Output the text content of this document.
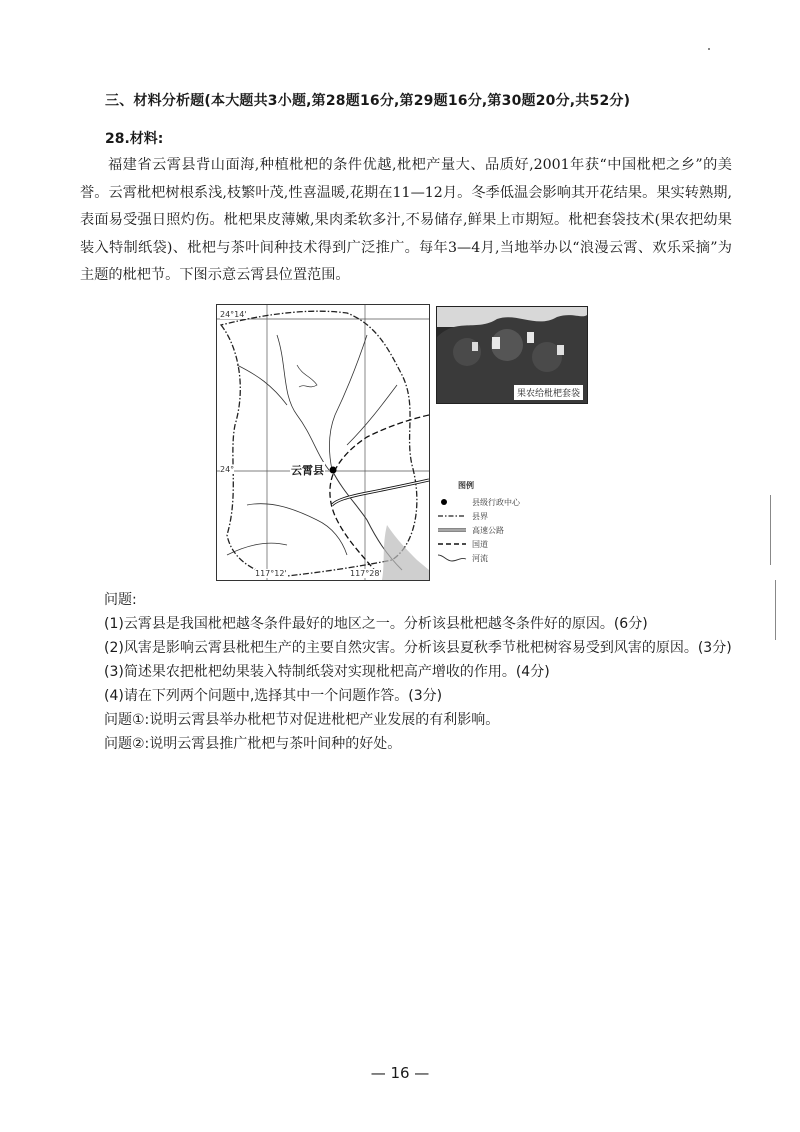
三、材料分析题(本大题共3小题,第28题16分,第29题16分,第30题20分,共52分)
28.材料:
福建省云霄县背山面海,种植枇杷的条件优越,枇杷产量大、品质好,2001年获“中国枇杷之乡”的美誉。云霄枇杷树根系浅,枝繁叶茂,性喜温暖,花期在11—12月。冬季低温会影响其开花结果。果实转熟期,表面易受强日照灼伤。枇杷果皮薄嫩,果肉柔软多汁,不易储存,鲜果上市期短。枇杷套袋技术(果农把幼果装入特制纸袋)、枇杷与茶叶间种技术得到广泛推广。每年3—4月,当地举办以“浪漫云霄、欢乐采摘”为主题的枇杷节。下图示意云霄县位置范围。
24°14'
24°
117°12'	117°28'
云霄县
果农给枇杷套袋
图例
县级行政中心
县界
高速公路
国道
河流
问题:
(1)云霄县是我国枇杷越冬条件最好的地区之一。分析该县枇杷越冬条件好的原因。(6分)
(2)风害是影响云霄县枇杷生产的主要自然灾害。分析该县夏秋季节枇杷树容易受到风害的原因。(3分)
(3)简述果农把枇杷幼果装入特制纸袋对实现枇杷高产增收的作用。(4分)
(4)请在下列两个问题中,选择其中一个问题作答。(3分)
问题①:说明云霄县举办枇杷节对促进枇杷产业发展的有利影响。
问题②:说明云霄县推广枇杷与茶叶间种的好处。
— 16 —
